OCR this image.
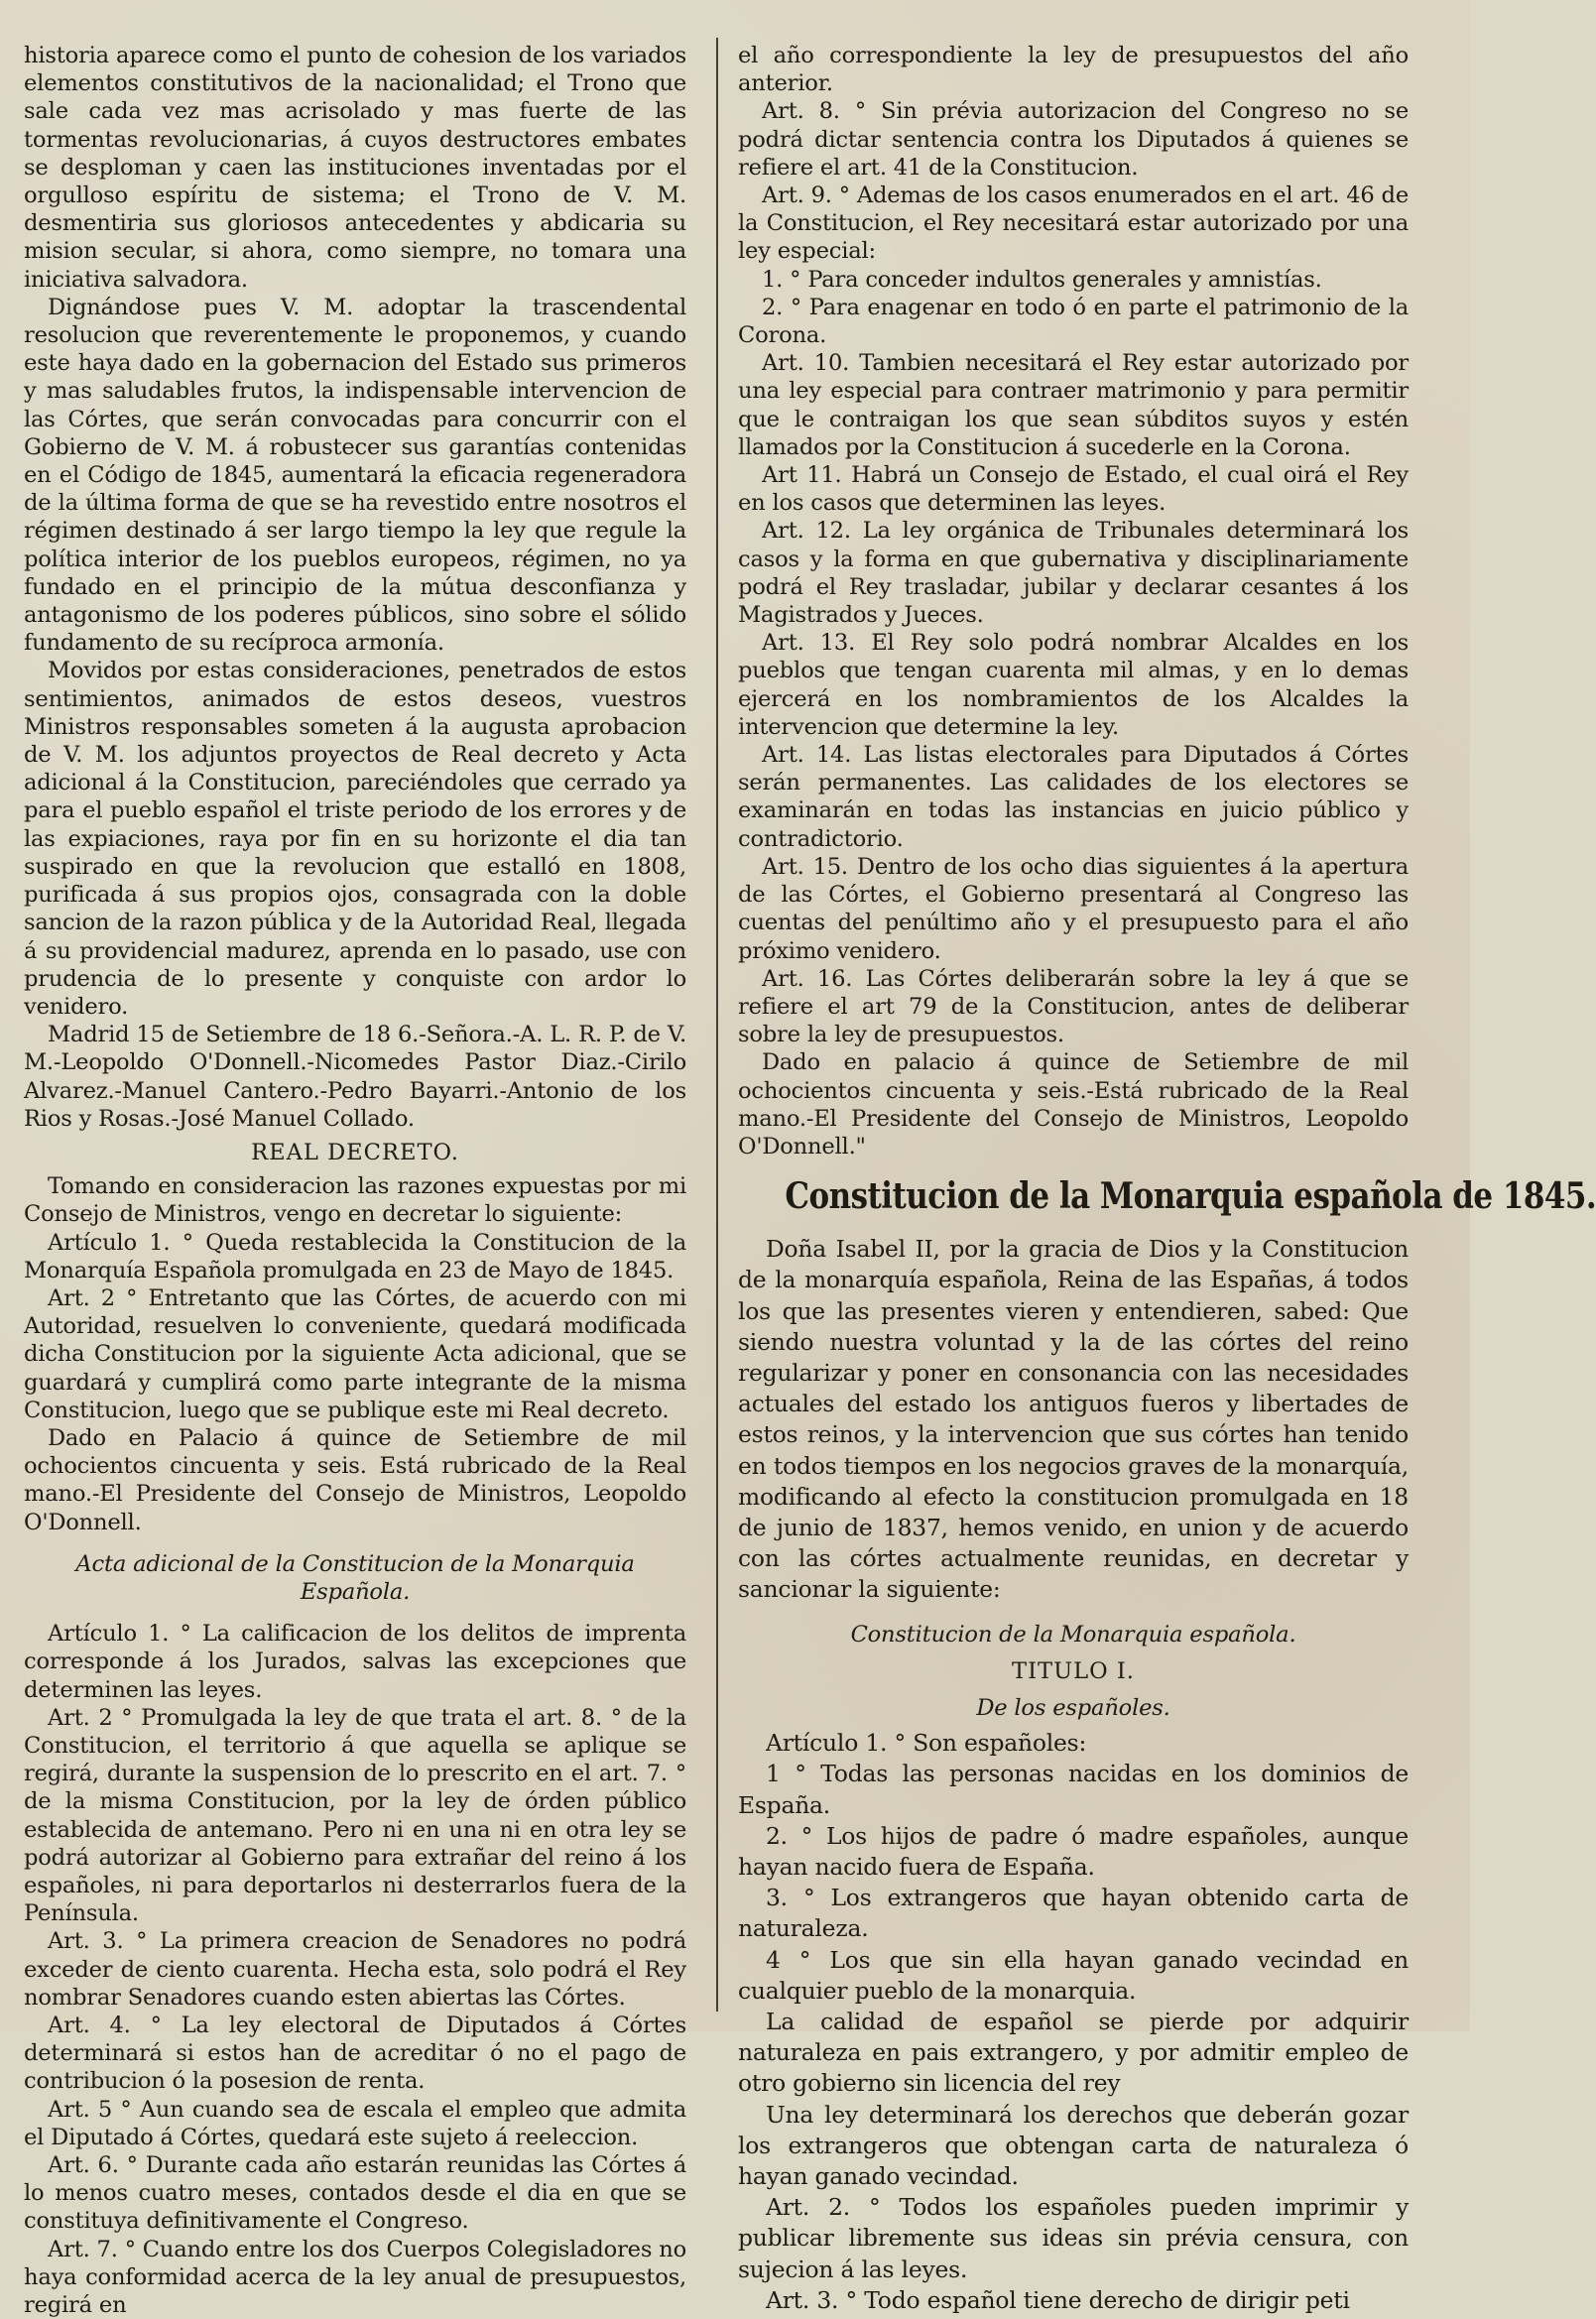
historia aparece como el punto de cohesion de los variados elementos constitutivos de la nacionalidad; el Trono que sale cada vez mas acrisolado y mas fuerte de las tormentas revolucionarias, á cuyos destructores embates se desploman y caen las instituciones inventadas por el orgulloso espíritu de sistema; el Trono de V. M. desmentiria sus gloriosos antecedentes y abdicaria su mision secular, si ahora, como siempre, no tomara una iniciativa salvadora.

Dignándose pues V. M. adoptar la trascendental resolucion que reverentemente le proponemos, y cuando este haya dado en la gobernacion del Estado sus primeros y mas saludables frutos, la indispensable intervencion de las Córtes, que serán convocadas para concurrir con el Gobierno de V. M. á robustecer sus garantías contenidas en el Código de 1845, aumentará la eficacia regeneradora de la última forma de que se ha revestido entre nosotros el régimen destinado á ser largo tiempo la ley que regule la política interior de los pueblos europeos, régimen, no ya fundado en el principio de la mútua desconfianza y antagonismo de los poderes públicos, sino sobre el sólido fundamento de su recíproca armonía.

Movidos por estas consideraciones, penetrados de estos sentimientos, animados de estos deseos, vuestros Ministros responsables someten á la augusta aprobacion de V. M. los adjuntos proyectos de Real decreto y Acta adicional á la Constitucion, pareciéndoles que cerrado ya para el pueblo español el triste periodo de los errores y de las expiaciones, raya por fin en su horizonte el dia tan suspirado en que la revolucion que estalló en 1808, purificada á sus propios ojos, consagrada con la doble sancion de la razon pública y de la Autoridad Real, llegada á su providencial madurez, aprenda en lo pasado, use con prudencia de lo presente y conquiste con ardor lo venidero.

Madrid 15 de Setiembre de 18 6.-Señora.-A. L. R. P. de V. M.-Leopoldo O'Donnell.-Nicomedes Pastor Diaz.-Cirilo Alvarez.-Manuel Cantero.-Pedro Bayarri.-Antonio de los Rios y Rosas.-José Manuel Collado.

REAL DECRETO.

Tomando en consideracion las razones expuestas por mi Consejo de Ministros, vengo en decretar lo siguiente:

Artículo 1. ° Queda restablecida la Constitucion de la Monarquía Española promulgada en 23 de Mayo de 1845.

Art. 2 ° Entretanto que las Córtes, de acuerdo con mi Autoridad, resuelven lo conveniente, quedará modificada dicha Constitucion por la siguiente Acta adicional, que se guardará y cumplirá como parte integrante de la misma Constitucion, luego que se publique este mi Real decreto.

Dado en Palacio á quince de Setiembre de mil ochocientos cincuenta y seis. Está rubricado de la Real mano.-El Presidente del Consejo de Ministros, Leopoldo O'Donnell.

Acta adicional de la Constitucion de la Monarquia Española.

Artículo 1. ° La calificacion de los delitos de imprenta corresponde á los Jurados, salvas las excepciones que determinen las leyes.

Art. 2 ° Promulgada la ley de que trata el art. 8. ° de la Constitucion, el territorio á que aquella se aplique se regirá, durante la suspension de lo prescrito en el art. 7. ° de la misma Constitucion, por la ley de órden público establecida de antemano. Pero ni en una ni en otra ley se podrá autorizar al Gobierno para extrañar del reino á los españoles, ni para deportarlos ni desterrarlos fuera de la Península.

Art. 3. ° La primera creacion de Senadores no podrá exceder de ciento cuarenta. Hecha esta, solo podrá el Rey nombrar Senadores cuando esten abiertas las Córtes.

Art. 4. ° La ley electoral de Diputados á Córtes determinará si estos han de acreditar ó no el pago de contribucion ó la posesion de renta.

Art. 5 ° Aun cuando sea de escala el empleo que admita el Diputado á Córtes, quedará este sujeto á reeleccion.

Art. 6. ° Durante cada año estarán reunidas las Córtes á lo menos cuatro meses, contados desde el dia en que se constituya definitivamente el Congreso.

Art. 7. ° Cuando entre los dos Cuerpos Colegisladores no haya conformidad acerca de la ley anual de presupuestos, regirá en

el año correspondiente la ley de presupuestos del año anterior.

Art. 8. ° Sin prévia autorizacion del Congreso no se podrá dictar sentencia contra los Diputados á quienes se refiere el art. 41 de la Constitucion.

Art. 9. ° Ademas de los casos enumerados en el art. 46 de la Constitucion, el Rey necesitará estar autorizado por una ley especial:

1. ° Para conceder indultos generales y amnistías.

2. ° Para enagenar en todo ó en parte el patrimonio de la Corona.

Art. 10. Tambien necesitará el Rey estar autorizado por una ley especial para contraer matrimonio y para permitir que le contraigan los que sean súbditos suyos y estén llamados por la Constitucion á sucederle en la Corona.

Art 11. Habrá un Consejo de Estado, el cual oirá el Rey en los casos que determinen las leyes.

Art. 12. La ley orgánica de Tribunales determinará los casos y la forma en que gubernativa y disciplinariamente podrá el Rey trasladar, jubilar y declarar cesantes á los Magistrados y Jueces.

Art. 13. El Rey solo podrá nombrar Alcaldes en los pueblos que tengan cuarenta mil almas, y en lo demas ejercerá en los nombramientos de los Alcaldes la intervencion que determine la ley.

Art. 14. Las listas electorales para Diputados á Córtes serán permanentes. Las calidades de los electores se examinarán en todas las instancias en juicio público y contradictorio.

Art. 15. Dentro de los ocho dias siguientes á la apertura de las Córtes, el Gobierno presentará al Congreso las cuentas del penúltimo año y el presupuesto para el año próximo venidero.

Art. 16. Las Córtes deliberarán sobre la ley á que se refiere el art 79 de la Constitucion, antes de deliberar sobre la ley de presupuestos.

Dado en palacio á quince de Setiembre de mil ochocientos cincuenta y seis.-Está rubricado de la Real mano.-El Presidente del Consejo de Ministros, Leopoldo O'Donnell."

Constitucion de la Monarquia española de 1845.

Doña Isabel II, por la gracia de Dios y la Constitucion de la monarquía española, Reina de las Españas, á todos los que las presentes vieren y entendieren, sabed: Que siendo nuestra voluntad y la de las córtes del reino regularizar y poner en consonancia con las necesidades actuales del estado los antiguos fueros y libertades de estos reinos, y la intervencion que sus córtes han tenido en todos tiempos en los negocios graves de la monarquía, modificando al efecto la constitucion promulgada en 18 de junio de 1837, hemos venido, en union y de acuerdo con las córtes actualmente reunidas, en decretar y sancionar la siguiente:

Constitucion de la Monarquia española.
TITULO I.
De los españoles.

Artículo 1. ° Son españoles:

1 ° Todas las personas nacidas en los dominios de España.

2. ° Los hijos de padre ó madre españoles, aunque hayan nacido fuera de España.

3. ° Los extrangeros que hayan obtenido carta de naturaleza.

4 ° Los que sin ella hayan ganado vecindad en cualquier pueblo de la monarquia.

La calidad de español se pierde por adquirir naturaleza en pais extrangero, y por admitir empleo de otro gobierno sin licencia del rey

Una ley determinará los derechos que deberán gozar los extrangeros que obtengan carta de naturaleza ó hayan ganado vecindad.

Art. 2. ° Todos los españoles pueden imprimir y publicar libremente sus ideas sin prévia censura, con sujecion á las leyes.

Art. 3. ° Todo español tiene derecho de dirigir peti
